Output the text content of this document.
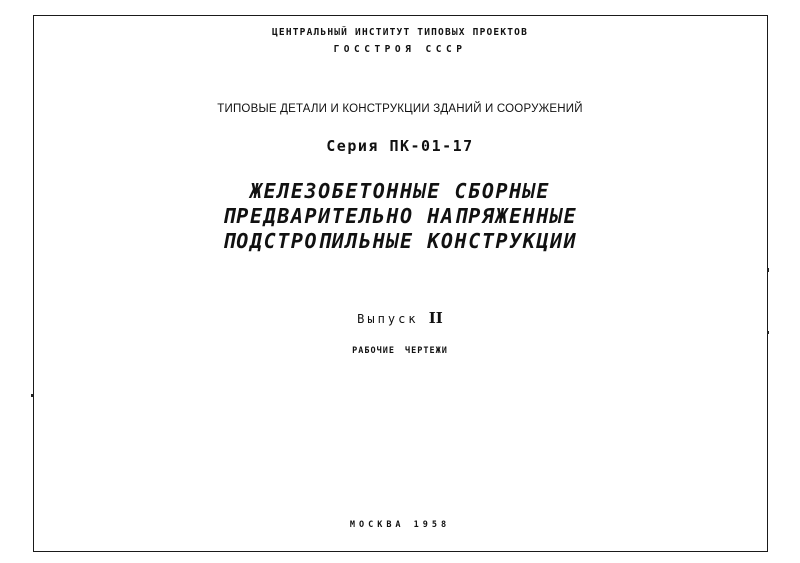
ЦЕНТРАЛЬНЫЙ ИНСТИТУТ ТИПОВЫХ ПРОЕКТОВ
ГОССТРОЯ СССР
ТИПОВЫЕ ДЕТАЛИ И КОНСТРУКЦИИ ЗДАНИЙ И СООРУЖЕНИЙ
Серия ПК-01-17
ЖЕЛЕЗОБЕТОННЫЕ СБОРНЫЕ
ПРЕДВАРИТЕЛЬНО НАПРЯЖЕННЫЕ
ПОДСТРОПИЛЬНЫЕ КОНСТРУКЦИИ
Выпуск II
РАБОЧИЕ ЧЕРТЕЖИ
МОСКВА 1958
